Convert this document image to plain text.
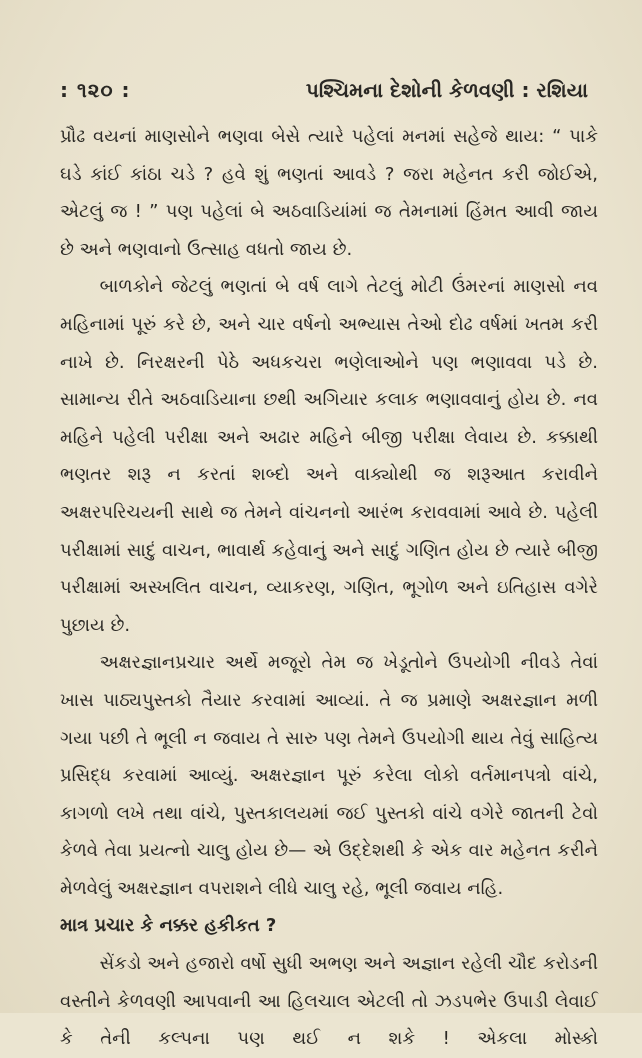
: ૧૨૦ :	પશ્ચિમના દેશોની કેળવણી : રશિયા

પ્રૌઢ વયનાં માણસોને ભણવા બેસે ત્યારે પહેલાં મનમાં સહેજે થાય: “ પાકે ઘડે કાંઈ કાંઠા ચડે ? હવે શું ભણતાં આવડે ? જરા મહેનત કરી જોઈએ, એટલું જ ! ” પણ પહેલાં બે અઠવાડિયાંમાં જ તેમનામાં હિંમત આવી જાય છે અને ભણવાનો ઉત્સાહ વધતો જાય છે.

બાળકોને જેટલું ભણતાં બે વર્ષ લાગે તેટલું મોટી ઉંમરનાં માણસો નવ મહિનામાં પૂરું કરે છે, અને ચાર વર્ષનો અભ્યાસ તેઓ દોઢ વર્ષમાં ખતમ કરી નાખે છે. નિરક્ષરની પેઠે અધકચરા ભણેલાઓને પણ ભણાવવા પડે છે. સામાન્ય રીતે અઠવાડિયાના છથી અગિયાર કલાક ભણાવવાનું હોય છે. નવ મહિને પહેલી પરીક્ષા અને અઢાર મહિને બીજી પરીક્ષા લેવાય છે. કક્કાથી ભણતર શરૂ ન કરતાં શબ્દો અને વાક્યોથી જ શરૂઆત કરાવીને અક્ષરપરિચયની સાથે જ તેમને વાંચનનો આરંભ કરાવવામાં આવે છે. પહેલી પરીક્ષામાં સાદું વાચન, ભાવાર્થ કહેવાનું અને સાદું ગણિત હોય છે ત્યારે બીજી પરીક્ષામાં અસ્ખલિત વાચન, વ્યાકરણ, ગણિત, ભૂગોળ અને ઇતિહાસ વગેરે પુછાય છે.

અક્ષરજ્ઞાનપ્રચાર અર્થે મજૂરો તેમ જ ખેડૂતોને ઉપયોગી નીવડે તેવાં ખાસ પાઠ્યપુસ્તકો તૈયાર કરવામાં આવ્યાં. તે જ પ્રમાણે અક્ષરજ્ઞાન મળી ગયા પછી તે ભૂલી ન જવાય તે સારુ પણ તેમને ઉપયોગી થાય તેવું સાહિત્ય પ્રસિદ્ધ કરવામાં આવ્યું. અક્ષરજ્ઞાન પૂરું કરેલા લોકો વર્તમાનપત્રો વાંચે, કાગળો લખે તથા વાંચે, પુસ્તકાલયમાં જઈ પુસ્તકો વાંચે વગેરે જાતની ટેવો કેળવે તેવા પ્રયત્નો ચાલુ હોય છે— એ ઉદ્દેશથી કે એક વાર મહેનત કરીને મેળવેલું અક્ષરજ્ઞાન વપરાશને લીધે ચાલુ રહે, ભૂલી જવાય નહિ.

માત્ર પ્રચાર કે નક્કર હકીકત ?

સેંકડો અને હજારો વર્ષો સુધી અભણ અને અજ્ઞાન રહેલી ચૌદ કરોડની વસ્તીને કેળવણી આપવાની આ હિલચાલ એટલી તો ઝડપભેર ઉપાડી લેવાઈ કે તેની કલ્પના પણ થઈ ન શકે ! એકલા મોસ્કો
